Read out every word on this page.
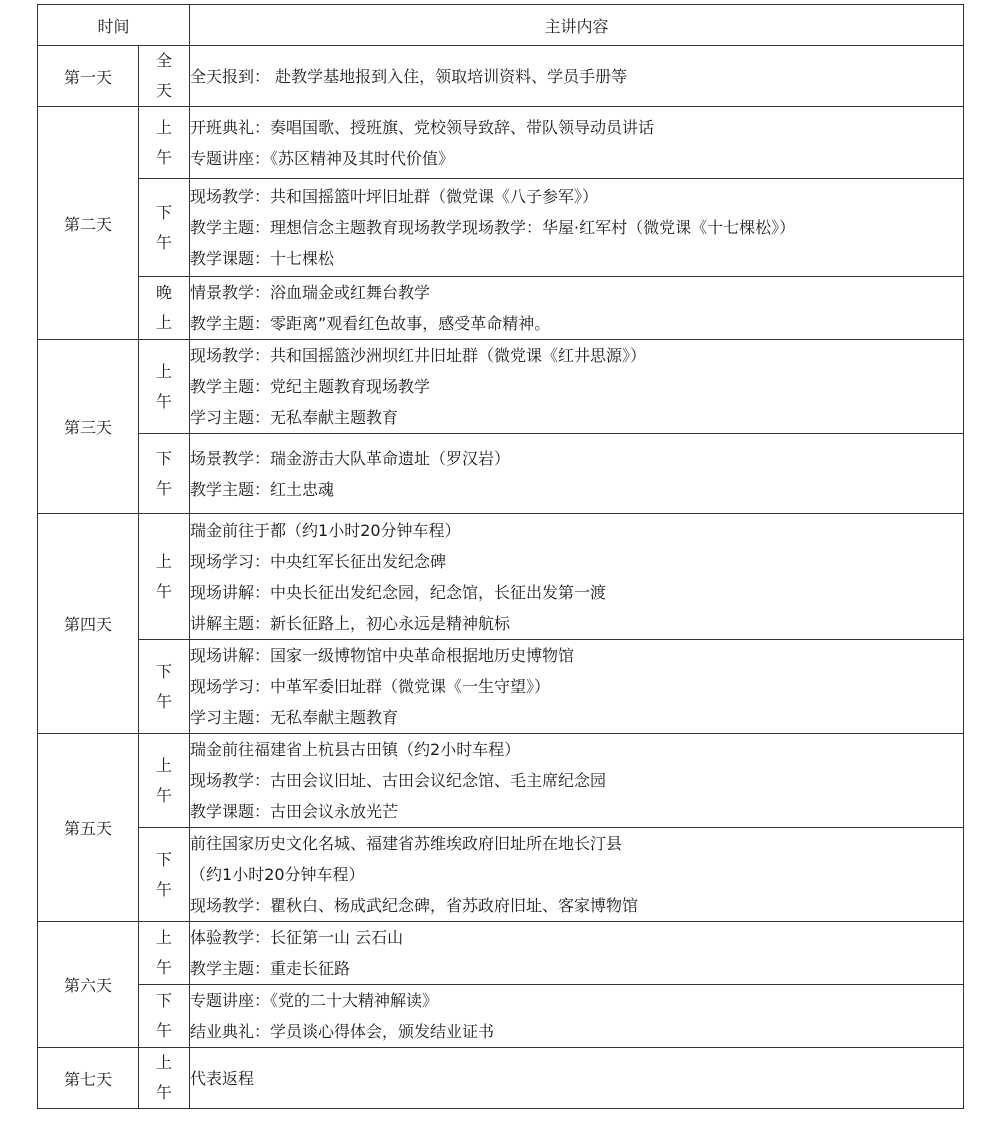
时间		主讲内容
第一天	全天	全天报到： 赴教学基地报到入住，领取培训资料、学员手册等

第二天	上午	开班典礼：奏唱国歌、授班旗、党校领导致辞、带队领导动员讲话
专题讲座：《苏区精神及其时代价值》

	下午	现场教学：共和国摇篮叶坪旧址群（微党课《八子参军》）
教学主题：理想信念主题教育现场教学现场教学：华屋·红军村（微党课《十七棵松》）
教学课题：十七棵松

	晚上	情景教学：浴血瑞金或红舞台教学
教学主题：零距离”观看红色故事，感受革命精神。

第三天	上午	现场教学：共和国摇篮沙洲坝红井旧址群（微党课《红井思源》）
教学主题：党纪主题教育现场教学
学习主题：无私奉献主题教育

	下午	场景教学：瑞金游击大队革命遗址（罗汉岩）
教学主题：红土忠魂

第四天	上午	瑞金前往于都（约1小时20分钟车程）
现场学习：中央红军长征出发纪念碑
现场讲解：中央长征出发纪念园，纪念馆，长征出发第一渡
讲解主题：新长征路上，初心永远是精神航标

	下午	现场讲解：国家一级博物馆中央革命根据地历史博物馆
现场学习：中革军委旧址群（微党课《一生守望》）
学习主题：无私奉献主题教育

第五天	上午	瑞金前往福建省上杭县古田镇（约2小时车程）
现场教学：古田会议旧址、古田会议纪念馆、毛主席纪念园
教学课题：古田会议永放光芒

	下午	前往国家历史文化名城、福建省苏维埃政府旧址所在地长汀县
（约1小时20分钟车程）
现场教学：瞿秋白、杨成武纪念碑，省苏政府旧址、客家博物馆

第六天	上午	体验教学：长征第一山 云石山
教学主题：重走长征路

	下午	专题讲座：《党的二十大精神解读》
结业典礼：学员谈心得体会，颁发结业证书

第七天	上午	代表返程
